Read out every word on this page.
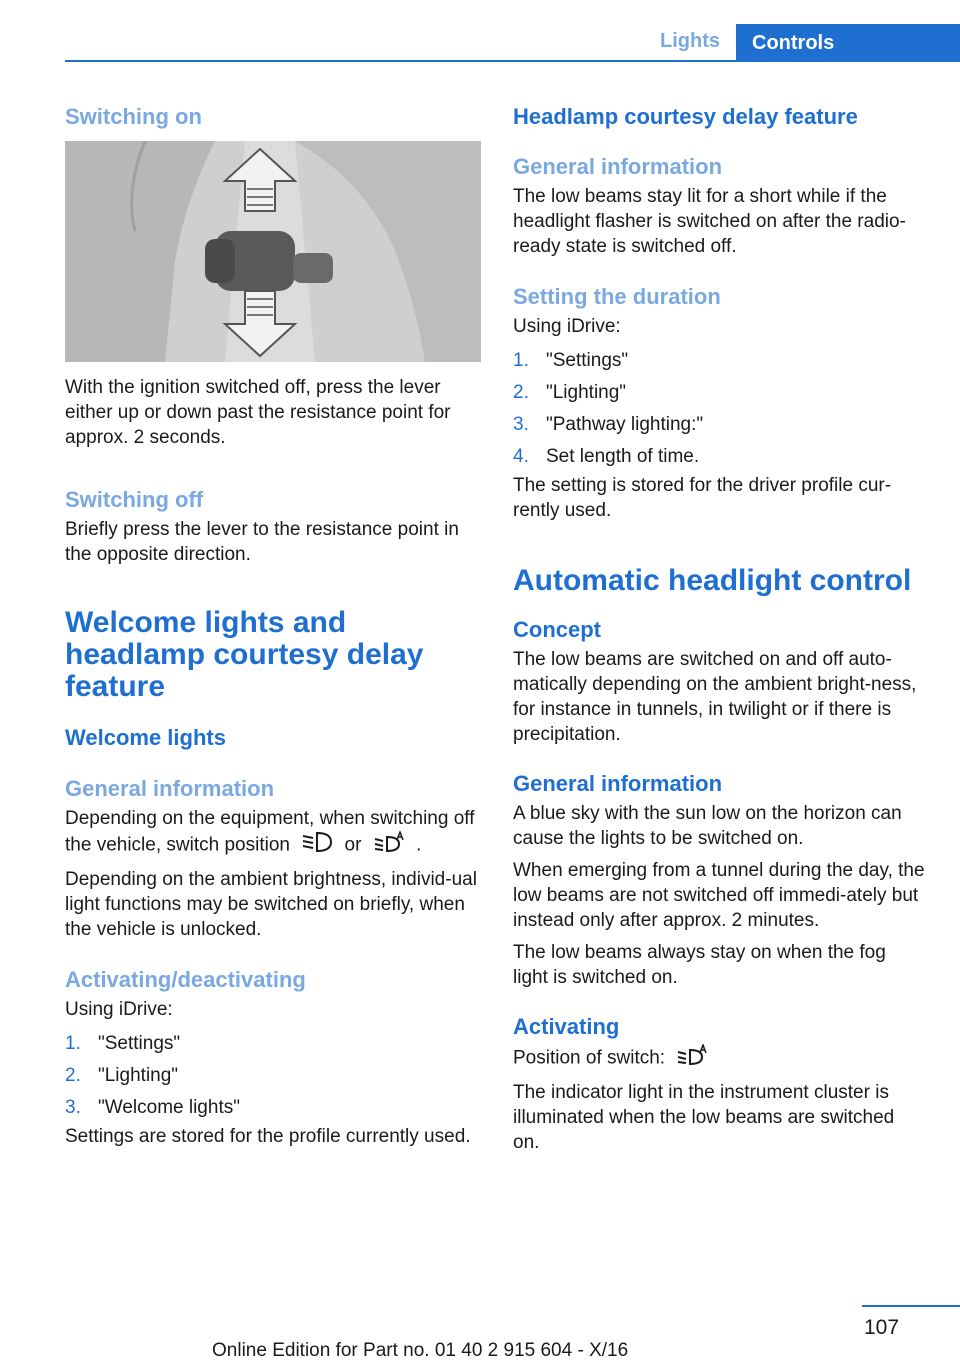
Lights	Controls
Switching on

With the ignition switched off, press the lever either up or down past the resistance point for approx. 2 seconds.

Switching off

Briefly press the lever to the resistance point in the opposite direction.

Welcome lights and headlamp courtesy delay feature
Welcome lights
General information

Depending on the equipment, when switching off the vehicle, switch position	or	.

Depending on the ambient brightness, individ‐ual light functions may be switched on briefly, when the vehicle is unlocked.

Activating/deactivating

Using iDrive:

1. "Settings"
2. "Lighting"
3. "Welcome lights"

Settings are stored for the profile currently used.

Headlamp courtesy delay feature
General information

The low beams stay lit for a short while if the headlight flasher is switched on after the radio-ready state is switched off.

Setting the duration

Using iDrive:

1. "Settings"
2. "Lighting"
3. "Pathway lighting:"
4. Set length of time.

The setting is stored for the driver profile cur‐rently used.

Automatic headlight control
Concept

The low beams are switched on and off auto‐matically depending on the ambient bright‐ness, for instance in tunnels, in twilight or if there is precipitation.

General information

A blue sky with the sun low on the horizon can cause the lights to be switched on.

When emerging from a tunnel during the day, the low beams are not switched off immedi‐ately but instead only after approx. 2 minutes.

The low beams always stay on when the fog light is switched on.

Activating

Position of switch:

The indicator light in the instrument cluster is illuminated when the low beams are switched on.

107
Online Edition for Part no. 01 40 2 915 604 - X/16
